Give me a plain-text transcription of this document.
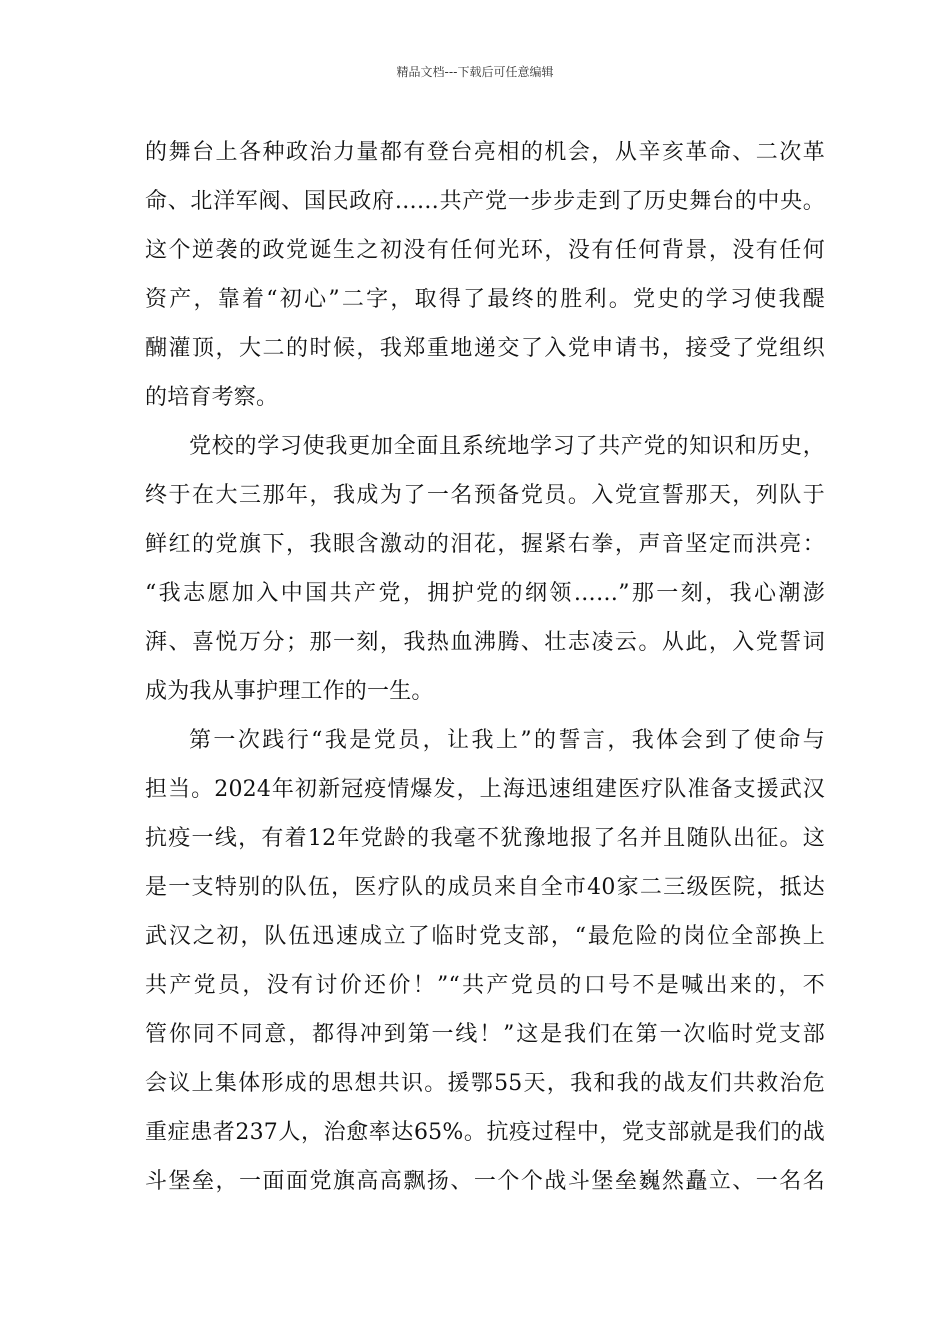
精品文档---下载后可任意编辑
的舞台上各种政治力量都有登台亮相的机会，从辛亥革命、二次革
命、北洋军阀、国民政府……共产党一步步走到了历史舞台的中央。
这个逆袭的政党诞生之初没有任何光环，没有任何背景，没有任何
资产，靠着“初心”二字，取得了最终的胜利。党史的学习使我醍
醐灌顶，大二的时候，我郑重地递交了入党申请书，接受了党组织
的培育考察。
党校的学习使我更加全面且系统地学习了共产党的知识和历史，
终于在大三那年，我成为了一名预备党员。入党宣誓那天，列队于
鲜红的党旗下，我眼含激动的泪花，握紧右拳，声音坚定而洪亮：
“我志愿加入中国共产党，拥护党的纲领……”那一刻，我心潮澎
湃、喜悦万分；那一刻，我热血沸腾、壮志凌云。从此，入党誓词
成为我从事护理工作的一生。
第一次践行“我是党员，让我上”的誓言，我体会到了使命与
担当。2024年初新冠疫情爆发，上海迅速组建医疗队准备支援武汉
抗疫一线，有着12年党龄的我毫不犹豫地报了名并且随队出征。这
是一支特别的队伍，医疗队的成员来自全市40家二三级医院，抵达
武汉之初，队伍迅速成立了临时党支部，“最危险的岗位全部换上
共产党员，没有讨价还价！”“共产党员的口号不是喊出来的，不
管你同不同意，都得冲到第一线！”这是我们在第一次临时党支部
会议上集体形成的思想共识。援鄂55天，我和我的战友们共救治危
重症患者237人，治愈率达65%。抗疫过程中，党支部就是我们的战
斗堡垒，一面面党旗高高飘扬、一个个战斗堡垒巍然矗立、一名名
